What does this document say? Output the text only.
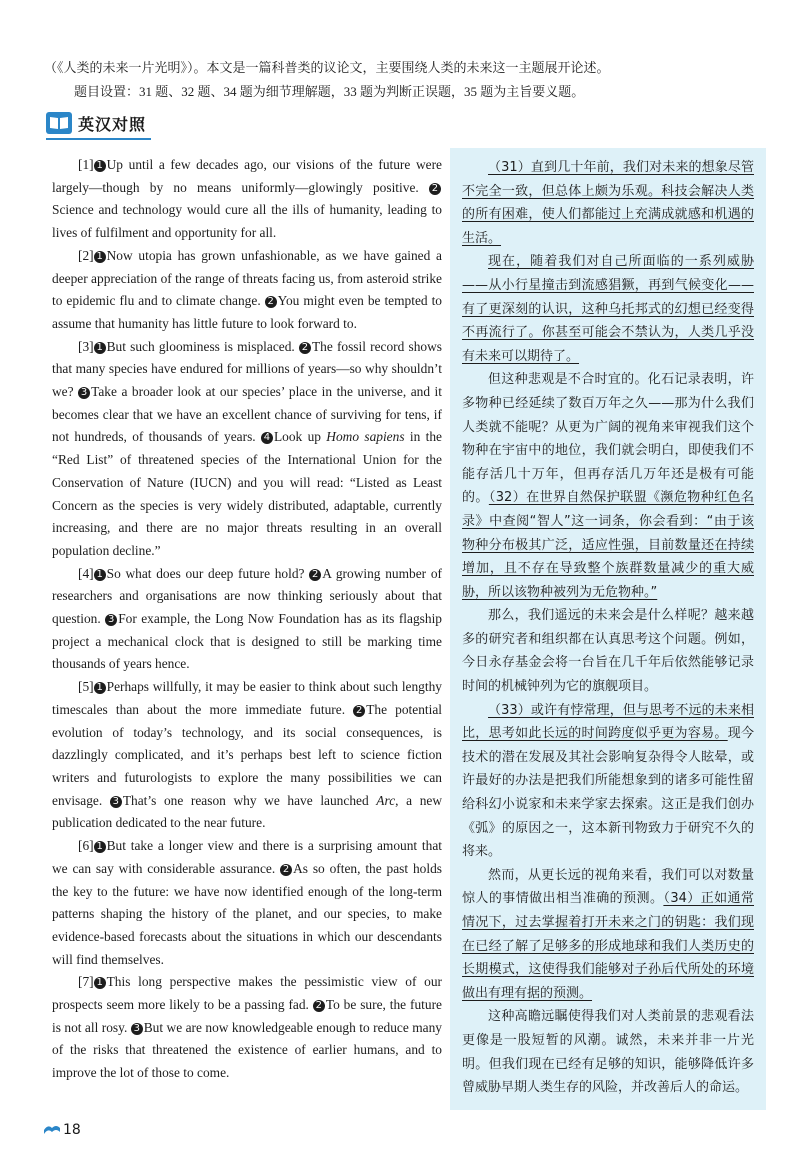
（《人类的未来一片光明》）。本文是一篇科普类的议论文，主要围绕人类的未来这一主题展开论述。

题目设置：31 题、32 题、34 题为细节理解题，33 题为判断正误题，35 题为主旨要义题。

英汉对照

[1] 1 Up until a few decades ago, our visions of the future were largely—though by no means uniformly—glowingly positive. 2Science and technology would cure all the ills of humanity, leading to lives of fulfilment and opportunity for all.

[2] 1 Now utopia has grown unfashionable, as we have gained a deeper appreciation of the range of threats facing us, from asteroid strike to epidemic flu and to climate change. 2 You might even be tempted to assume that humanity has little future to look forward to.

[3] 1 But such gloominess is misplaced. 2 The fossil record shows that many species have endured for millions of years—so why shouldn’t we? 3 Take a broader look at our species’ place in the universe, and it becomes clear that we have an excellent chance of surviving for tens, if not hundreds, of thousands of years. 4 Look up Homo sapiens in the “Red List” of threatened species of the International Union for the Conservation of Nature (IUCN) and you will read: “Listed as Least Concern as the species is very widely distributed, adaptable, currently increasing, and there are no major threats resulting in an overall population decline.”

[4] 1 So what does our deep future hold? 2 A growing number of researchers and organisations are now thinking seriously about that question. 3 For example, the Long Now Foundation has as its flagship project a mechanical clock that is designed to still be marking time thousands of years hence.

[5] 1 Perhaps willfully, it may be easier to think about such lengthy timescales than about the more immediate future. 2 The potential evolution of today’s technology, and its social consequences, is dazzlingly complicated, and it’s perhaps best left to science fiction writers and futurologists to explore the many possibilities we can envisage. 3 That’s one reason why we have launched Arc, a new publication dedicated to the near future.

[6] 1 But take a longer view and there is a surprising amount that we can say with considerable assurance. 2 As so often, the past holds the key to the future: we have now identified enough of the long-term patterns shaping the history of the planet, and our species, to make evidence-based forecasts about the situations in which our descendants will find themselves.

[7] 1 This long perspective makes the pessimistic view of our prospects seem more likely to be a passing fad. 2 To be sure, the future is not all rosy. 3 But we are now knowledgeable enough to reduce many of the risks that threatened the existence of earlier humans, and to improve the lot of those to come.

（31）直到几十年前，我们对未来的想象尽管不完全一致，但总体上颇为乐观。科技会解决人类的所有困难，使人们都能过上充满成就感和机遇的生活。

现在，随着我们对自己所面临的一系列威胁——从小行星撞击到流感猖獗，再到气候变化——有了更深刻的认识，这种乌托邦式的幻想已经变得不再流行了。你甚至可能会不禁认为，人类几乎没有未来可以期待了。

但这种悲观是不合时宜的。化石记录表明，许多物种已经延续了数百万年之久——那为什么我们人类就不能呢？从更为广阔的视角来审视我们这个物种在宇宙中的地位，我们就会明白，即使我们不能存活几十万年，但再存活几万年还是极有可能的。（32）在世界自然保护联盟《濒危物种红色名录》中查阅“智人”这一词条，你会看到：“由于该物种分布极其广泛，适应性强，目前数量还在持续增加，且不存在导致整个族群数量减少的重大威胁，所以该物种被列为无危物种。”

那么，我们遥远的未来会是什么样呢？越来越多的研究者和组织都在认真思考这个问题。例如，今日永存基金会将一台旨在几千年后依然能够记录时间的机械钟列为它的旗舰项目。

（33）或许有悖常理，但与思考不远的未来相比，思考如此长远的时间跨度似乎更为容易。现今技术的潜在发展及其社会影响复杂得令人眩晕，或许最好的办法是把我们所能想象到的诸多可能性留给科幻小说家和未来学家去探索。这正是我们创办《弧》的原因之一，这本新刊物致力于研究不久的将来。

然而，从更长远的视角来看，我们可以对数量惊人的事情做出相当准确的预测。（34）正如通常情况下，过去掌握着打开未来之门的钥匙：我们现在已经了解了足够多的形成地球和我们人类历史的长期模式，这使得我们能够对子孙后代所处的环境做出有理有据的预测。

这种高瞻远瞩使得我们对人类前景的悲观看法更像是一股短暂的风潮。诚然，未来并非一片光明。但我们现在已经有足够的知识，能够降低许多曾威胁早期人类生存的风险，并改善后人的命运。

18
